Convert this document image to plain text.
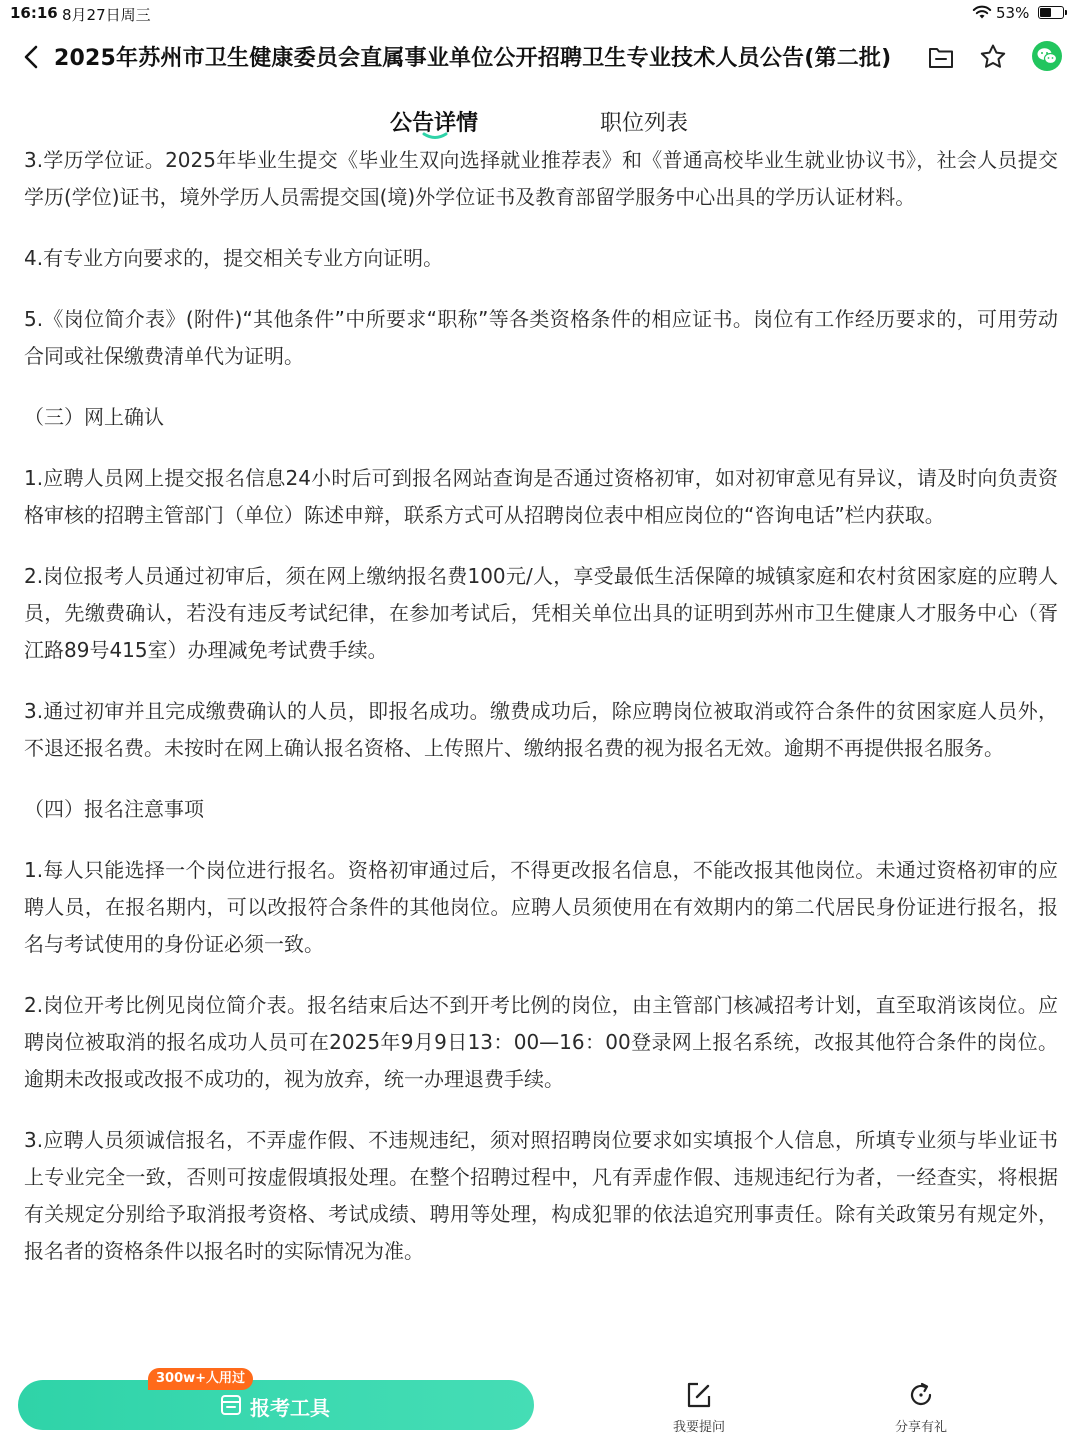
16:16 8月27日周三	53%
2025年苏州市卫生健康委员会直属事业单位公开招聘卫生专业技术人员公告(第二批)
公告详情	职位列表

3.学历学位证。2025年毕业生提交《毕业生双向选择就业推荐表》和《普通高校毕业生就业协议书》，社会人员提交学历(学位)证书，境外学历人员需提交国(境)外学位证书及教育部留学服务中心出具的学历认证材料。

4.有专业方向要求的，提交相关专业方向证明。

5.《岗位简介表》(附件)“其他条件”中所要求“职称”等各类资格条件的相应证书。岗位有工作经历要求的，可用劳动合同或社保缴费清单代为证明。

（三）网上确认

1.应聘人员网上提交报名信息24小时后可到报名网站查询是否通过资格初审，如对初审意见有异议，请及时向负责资格审核的招聘主管部门（单位）陈述申辩，联系方式可从招聘岗位表中相应岗位的“咨询电话”栏内获取。

2.岗位报考人员通过初审后，须在网上缴纳报名费100元/人，享受最低生活保障的城镇家庭和农村贫困家庭的应聘人员，先缴费确认，若没有违反考试纪律，在参加考试后，凭相关单位出具的证明到苏州市卫生健康人才服务中心（胥江路89号415室）办理减免考试费手续。

3.通过初审并且完成缴费确认的人员，即报名成功。缴费成功后，除应聘岗位被取消或符合条件的贫困家庭人员外，不退还报名费。未按时在网上确认报名资格、上传照片、缴纳报名费的视为报名无效。逾期不再提供报名服务。

（四）报名注意事项

1.每人只能选择一个岗位进行报名。资格初审通过后，不得更改报名信息，不能改报其他岗位。未通过资格初审的应聘人员，在报名期内，可以改报符合条件的其他岗位。应聘人员须使用在有效期内的第二代居民身份证进行报名，报名与考试使用的身份证必须一致。

2.岗位开考比例见岗位简介表。报名结束后达不到开考比例的岗位，由主管部门核减招考计划，直至取消该岗位。应聘岗位被取消的报名成功人员可在2025年9月9日13：00—16：00登录网上报名系统，改报其他符合条件的岗位。逾期未改报或改报不成功的，视为放弃，统一办理退费手续。

3.应聘人员须诚信报名，不弄虚作假、不违规违纪，须对照招聘岗位要求如实填报个人信息，所填专业须与毕业证书上专业完全一致，否则可按虚假填报处理。在整个招聘过程中，凡有弄虚作假、违规违纪行为者，一经查实，将根据有关规定分别给予取消报考资格、考试成绩、聘用等处理，构成犯罪的依法追究刑事责任。除有关政策另有规定外，报名者的资格条件以报名时的实际情况为准。

报考工具
300w+人用过
我要提问	分享有礼
